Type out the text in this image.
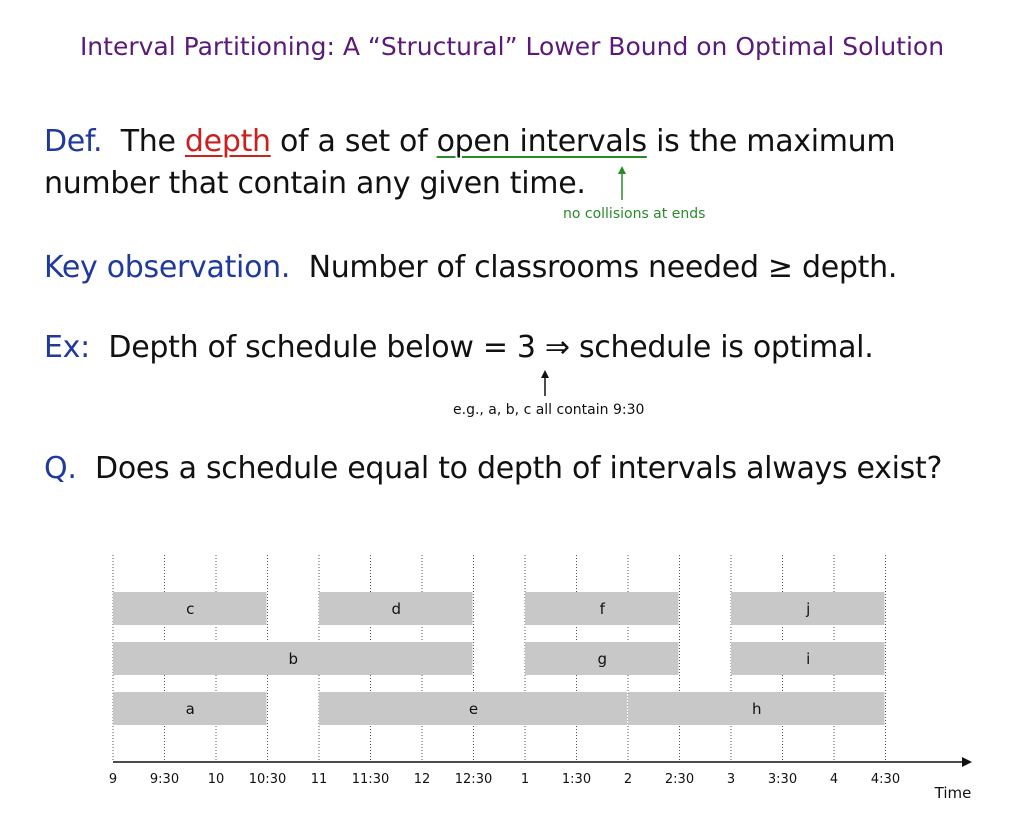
Interval Partitioning: A “Structural” Lower Bound on Optimal Solution
Def. The depth of a set of open intervals is the maximum
number that contain any given time.
no collisions at ends
Key observation. Number of classrooms needed ≥ depth.
Ex: Depth of schedule below = 3 ⇒ schedule is optimal.
e.g., a, b, c all contain 9:30
Q. Does a schedule equal to depth of intervals always exist?
c	d	f	j
b	g	i
a	e	h
9	9:30 10 10:30 11 11:30 12 12:30 1	1:30	2	2:30	3	3:30	4	4:30
Time
